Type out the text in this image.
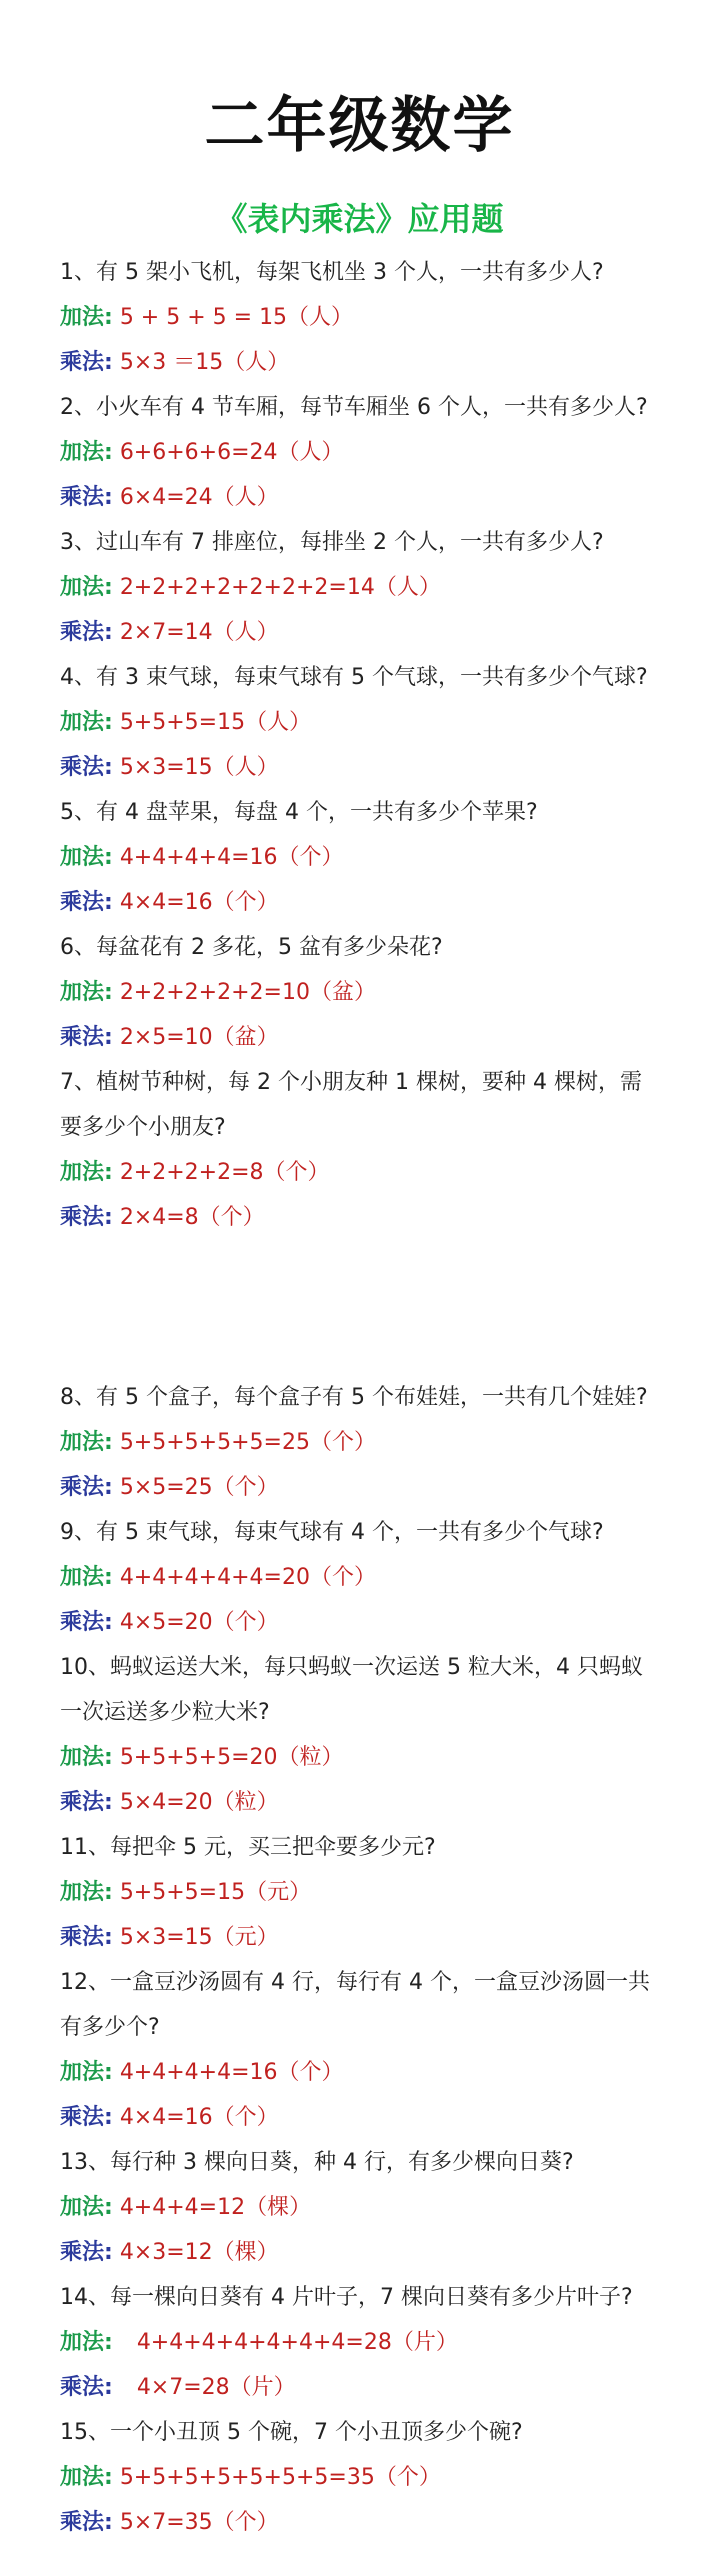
二年级数学
《表内乘法》应用题
1、有 5 架小飞机，每架飞机坐 3 个人，一共有多少人?
加法: 5 + 5 + 5 = 15（人）
乘法: 5×3 ＝15（人）
2、小火车有 4 节车厢，每节车厢坐 6 个人，一共有多少人?
加法: 6+6+6+6=24（人）
乘法: 6×4=24（人）
3、过山车有 7 排座位，每排坐 2 个人，一共有多少人?
加法: 2+2+2+2+2+2+2=14（人）
乘法: 2×7=14（人）
4、有 3 束气球，每束气球有 5 个气球，一共有多少个气球?
加法: 5+5+5=15（人）
乘法: 5×3=15（人）
5、有 4 盘苹果，每盘 4 个，一共有多少个苹果?
加法: 4+4+4+4=16（个）
乘法: 4×4=16（个）
6、每盆花有 2 多花，5 盆有多少朵花?
加法: 2+2+2+2+2=10（盆）
乘法: 2×5=10（盆）
7、植树节种树，每 2 个小朋友种 1 棵树，要种 4 棵树，需
要多少个小朋友?
加法: 2+2+2+2=8（个）
乘法: 2×4=8（个）
8、有 5 个盒子，每个盒子有 5 个布娃娃，一共有几个娃娃?
加法: 5+5+5+5+5=25（个）
乘法: 5×5=25（个）
9、有 5 束气球，每束气球有 4 个，一共有多少个气球?
加法: 4+4+4+4+4=20（个）
乘法: 4×5=20（个）
10、蚂蚁运送大米，每只蚂蚁一次运送 5 粒大米，4 只蚂蚁
一次运送多少粒大米?
加法: 5+5+5+5=20（粒）
乘法: 5×4=20（粒）
11、每把伞 5 元，买三把伞要多少元?
加法: 5+5+5=15（元）
乘法: 5×3=15（元）
12、一盒豆沙汤圆有 4 行，每行有 4 个，一盒豆沙汤圆一共
有多少个?
加法: 4+4+4+4=16（个）
乘法: 4×4=16（个）
13、每行种 3 棵向日葵，种 4 行，有多少棵向日葵?
加法: 4+4+4=12（棵）
乘法: 4×3=12（棵）
14、每一棵向日葵有 4 片叶子，7 棵向日葵有多少片叶子?
加法: 4+4+4+4+4+4+4=28（片）
乘法: 4×7=28（片）
15、一个小丑顶 5 个碗，7 个小丑顶多少个碗?
加法: 5+5+5+5+5+5+5=35（个）
乘法: 5×7=35（个）
